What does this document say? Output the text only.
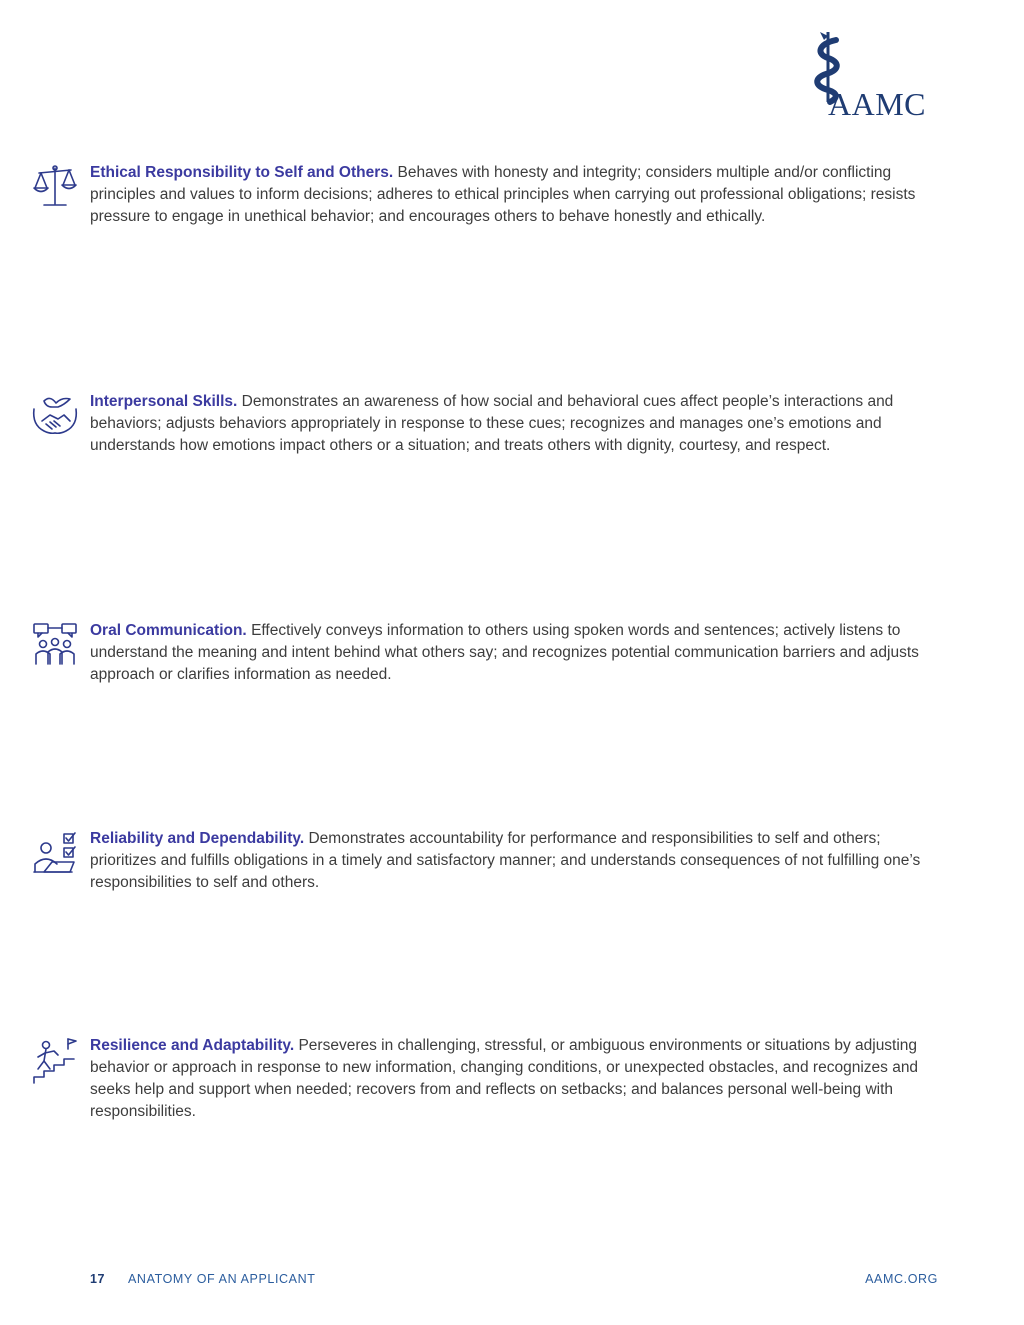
AAMC

Ethical Responsibility to Self and Others. Behaves with honesty and integrity; considers multiple and/or conflicting principles and values to inform decisions; adheres to ethical principles when carrying out professional obligations; resists pressure to engage in unethical behavior; and encourages others to behave honestly and ethically.

Interpersonal Skills. Demonstrates an awareness of how social and behavioral cues affect people’s interactions and behaviors; adjusts behaviors appropriately in response to these cues; recognizes and manages one’s emotions and understands how emotions impact others or a situation; and treats others with dignity, courtesy, and respect.

Oral Communication. Effectively conveys information to others using spoken words and sentences; actively listens to understand the meaning and intent behind what others say; and recognizes potential communication barriers and adjusts approach or clarifies information as needed.

Reliability and Dependability. Demonstrates accountability for performance and responsibilities to self and others; prioritizes and fulfills obligations in a timely and satisfactory manner; and understands consequences of not fulfilling one’s responsibilities to self and others.

Resilience and Adaptability. Perseveres in challenging, stressful, or ambiguous environments or situations by adjusting behavior or approach in response to new information, changing conditions, or unexpected obstacles, and recognizes and seeks help and support when needed; recovers from and reflects on setbacks; and balances personal well-being with responsibilities.

17 ANATOMY OF AN APPLICANT	AAMC.ORG
